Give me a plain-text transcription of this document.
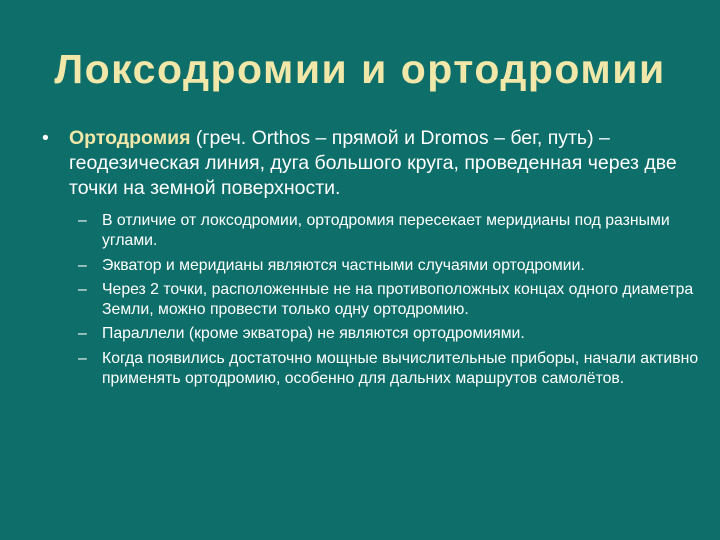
Локсодромии и ортодромии
•	Ортодромия (греч. Orthos – прямой и Dromos – бег, путь) – геодезическая линия, дуга большого круга, проведенная через две точки на земной поверхности.
– В отличие от локсодромии, ортодромия пересекает меридианы под разными углами.
– Экватор и меридианы являются частными случаями ортодромии.
– Через 2 точки, расположенные не на противоположных концах одного диаметра Земли, можно провести только одну ортодромию.
– Параллели (кроме экватора) не являются ортодромиями.
– Когда появились достаточно мощные вычислительные приборы, начали активно применять ортодромию, особенно для дальних маршрутов самолётов.
